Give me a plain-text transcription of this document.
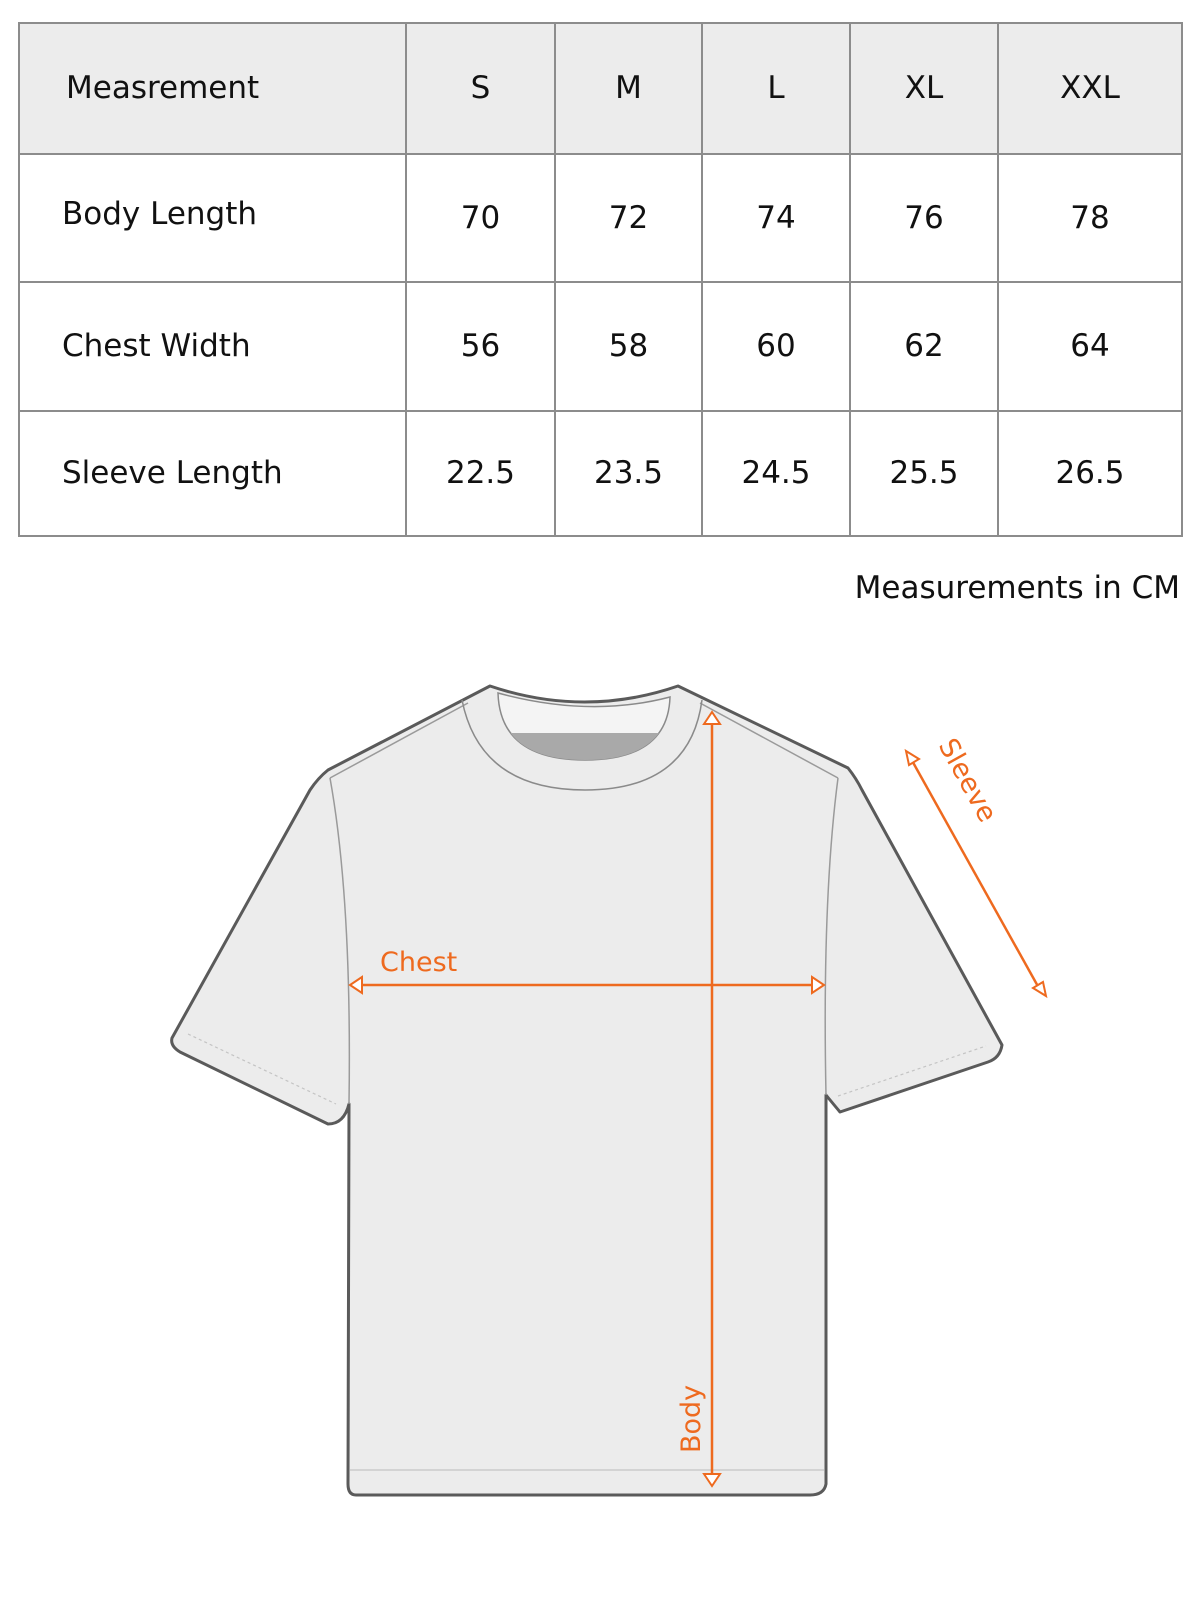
Measrement	S	M	L	XL	XXL
Body Length	70	72	74	76	78
Chest Width	56	58	60	62	64
Sleeve Length	22.5	23.5	24.5	25.5	26.5
Measurements in CM
Body
Chest
Sleeve
